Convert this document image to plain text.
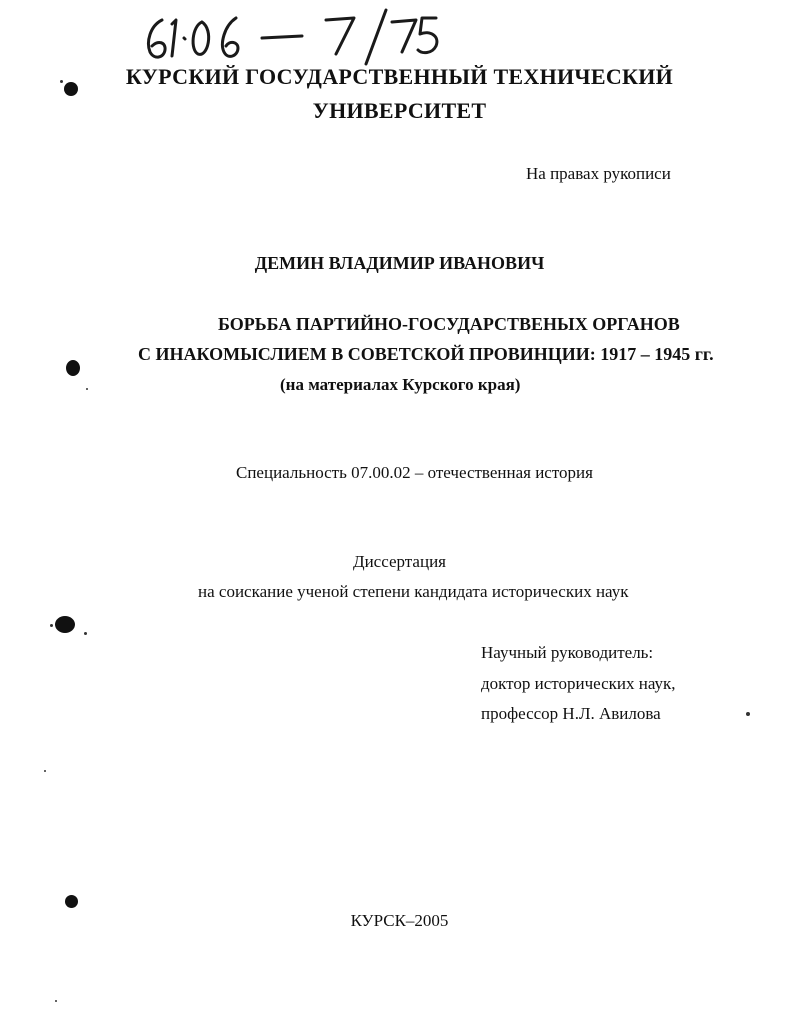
КУРСКИЙ ГОСУДАРСТВЕННЫЙ ТЕХНИЧЕСКИЙ
УНИВЕРСИТЕТ
На правах рукописи
ДЕМИН ВЛАДИМИР ИВАНОВИЧ
БОРЬБА ПАРТИЙНО-ГОСУДАРСТВЕНЫХ ОРГАНОВ
С ИНАКОМЫСЛИЕМ В СОВЕТСКОЙ ПРОВИНЦИИ: 1917 – 1945 гг.
(на материалах Курского края)
Специальность 07.00.02 – отечественная история
Диссертация
на соискание ученой степени кандидата исторических наук
Научный руководитель:
доктор исторических наук,
профессор Н.Л. Авилова
КУРСК–2005
